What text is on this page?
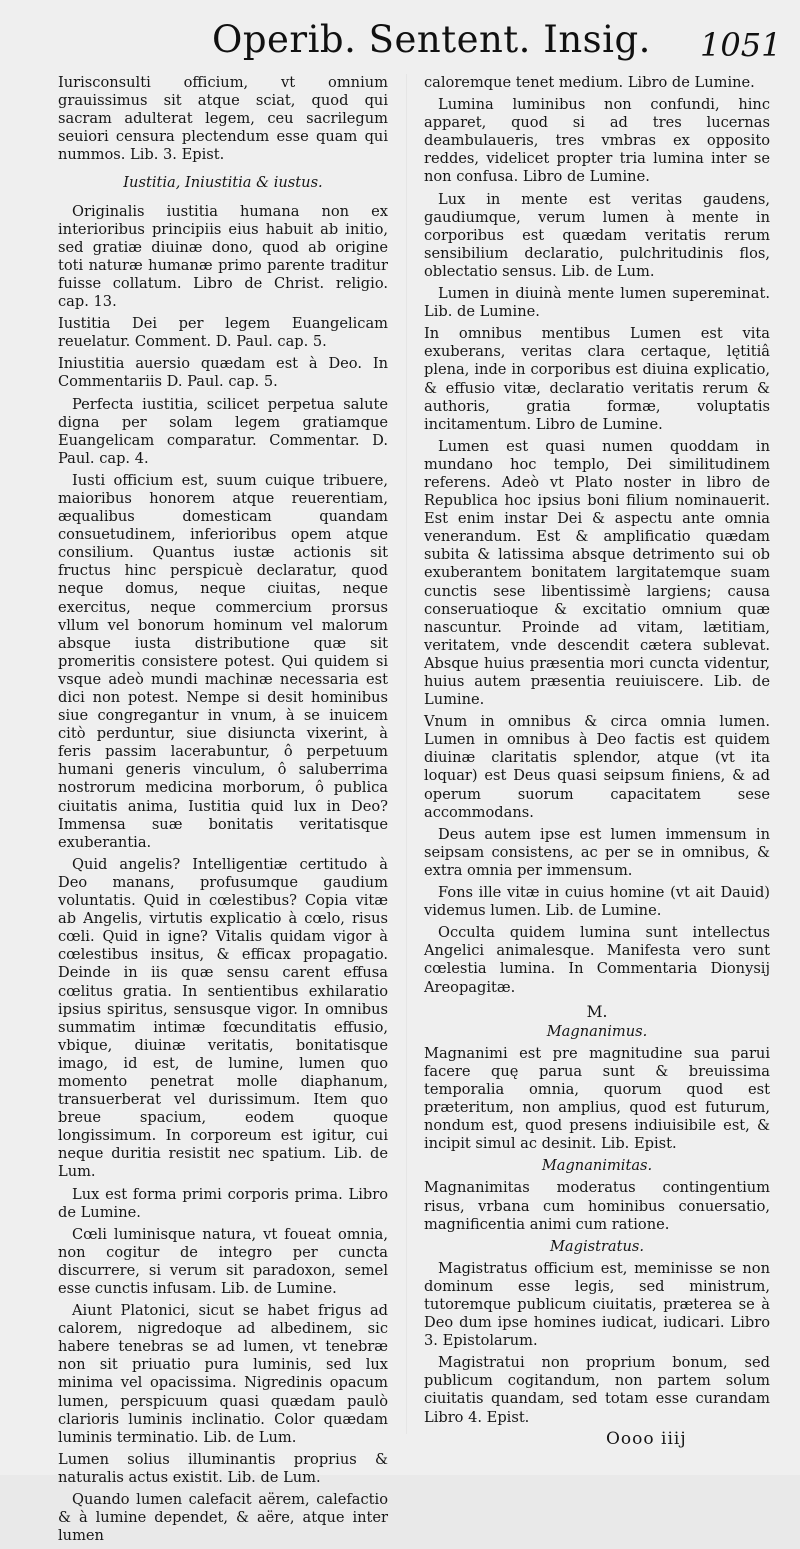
Operib. Sentent. Insig. 1051

Iurisconsulti officium, vt omnium grauissimus sit atque sciat, quod qui sacram adulterat legem, ceu sacrilegum seuiori censura plectendum esse quam qui nummos. Lib. 3. Epist.

Iustitia, Iniustitia & iustus.

Originalis iustitia humana non ex interioribus principiis eius habuit ab initio, sed gratiæ diuinæ dono, quod ab origine toti naturæ humanæ primo parente traditur fuisse collatum. Libro de Christ. religio. cap. 13.

Iustitia Dei per legem Euangelicam reuelatur. Comment. D. Paul. cap. 5.

Iniustitia auersio quædam est à Deo. In Commentariis D. Paul. cap. 5.

Perfecta iustitia, scilicet perpetua salute digna per solam legem gratiamque Euangelicam comparatur. Commentar. D. Paul. cap. 4.

Iusti officium est, suum cuique tribuere, maioribus honorem atque reuerentiam, æqualibus domesticam quandam consuetudinem, inferioribus opem atque consilium. Quantus iustæ actionis sit fructus hinc perspicuè declaratur, quod neque domus, neque ciuitas, neque exercitus, neque commercium prorsus vllum vel bonorum hominum vel malorum absque iusta distributione quæ sit promeritis consistere potest. Qui quidem si vsque adeò mundi machinæ necessaria est dici non potest. Nempe si desit hominibus siue congregantur in vnum, à se inuicem citò perduntur, siue disiuncta vixerint, à feris passim lacerabuntur, ô perpetuum humani generis vinculum, ô saluberrima nostrorum medicina morborum, ô publica ciuitatis anima, Iustitia quid lux in Deo? Immensa suæ bonitatis veritatisque exuberantia.

Quid angelis? Intelligentiæ certitudo à Deo manans, profusumque gaudium voluntatis. Quid in cœlestibus? Copia vitæ ab Angelis, virtutis explicatio à cœlo, risus cœli. Quid in igne? Vitalis quidam vigor à cœlestibus insitus, & efficax propagatio. Deinde in iis quæ sensu carent effusa cœlitus gratia. In sentientibus exhilaratio ipsius spiritus, sensusque vigor. In omnibus summatim intimæ fœcunditatis effusio, vbique, diuinæ veritatis, bonitatisque imago, id est, de lumine, lumen quo momento penetrat molle diaphanum, transuerberat vel durissimum. Item quo breue spacium, eodem quoque longissimum. In corporeum est igitur, cui neque duritia resistit nec spatium. Lib. de Lum.

Lux est forma primi corporis prima. Libro de Lumine.

Cœli luminisque natura, vt foueat omnia, non cogitur de integro per cuncta discurrere, si verum sit paradoxon, semel esse cunctis infusam. Lib. de Lumine.

Aiunt Platonici, sicut se habet frigus ad calorem, nigredoque ad albedinem, sic habere tenebras se ad lumen, vt tenebræ non sit priuatio pura luminis, sed lux minima vel opacissima. Nigredinis opacum lumen, perspicuum quasi quædam paulò clarioris luminis inclinatio. Color quædam luminis terminatio. Lib. de Lum.

Lumen solius illuminantis proprius & naturalis actus existit. Lib. de Lum.

Quando lumen calefacit aërem, calefactio & à lumine dependet, & aëre, atque inter lumen

caloremque tenet medium. Libro de Lumine.

Lumina luminibus non confundi, hinc apparet, quod si ad tres lucernas deambulaueris, tres vmbras ex opposito reddes, videlicet propter tria lumina inter se non confusa. Libro de Lumine.

Lux in mente est veritas gaudens, gaudiumque, verum lumen à mente in corporibus est quædam veritatis rerum sensibilium declaratio, pulchritudinis flos, oblectatio sensus. Lib. de Lum.

Lumen in diuinà mente lumen supereminat. Lib. de Lumine.

In omnibus mentibus Lumen est vita exuberans, veritas clara certaque, lętitiâ plena, inde in corporibus est diuina explicatio, & effusio vitæ, declaratio veritatis rerum & authoris, gratia formæ, voluptatis incitamentum. Libro de Lumine.

Lumen est quasi numen quoddam in mundano hoc templo, Dei similitudinem referens. Adeò vt Plato noster in libro de Republica hoc ipsius boni filium nominauerit. Est enim instar Dei & aspectu ante omnia venerandum. Est & amplificatio quædam subita & latissima absque detrimento sui ob exuberantem bonitatem largitatemque suam cunctis sese libentissimè largiens; causa conseruatioque & excitatio omnium quæ nascuntur. Proinde ad vitam, lætitiam, veritatem, vnde descendit cætera sublevat. Absque huius præsentia mori cuncta videntur, huius autem præsentia reuiuiscere. Lib. de Lumine.

Vnum in omnibus & circa omnia lumen. Lumen in omnibus à Deo factis est quidem diuinæ claritatis splendor, atque (vt ita loquar) est Deus quasi seipsum finiens, & ad operum suorum capacitatem sese accommodans.

Deus autem ipse est lumen immensum in seipsam consistens, ac per se in omnibus, & extra omnia per immensum.

Fons ille vitæ in cuius homine (vt ait Dauid) videmus lumen. Lib. de Lumine.

Occulta quidem lumina sunt intellectus Angelici animalesque. Manifesta vero sunt cœlestia lumina. In Commentaria Dionysij Areopagitæ.

M.
Magnanimus.

Magnanimi est pre magnitudine sua parui facere quę parua sunt & breuissima temporalia omnia, quorum quod est præteritum, non amplius, quod est futurum, nondum est, quod presens indiuisibile est, & incipit simul ac desinit. Lib. Epist.

Magnanimitas.

Magnanimitas moderatus contingentium risus, vrbana cum hominibus conuersatio, magnificentia animi cum ratione.

Magistratus.

Magistratus officium est, meminisse se non dominum esse legis, sed ministrum, tutoremque publicum ciuitatis, præterea se à Deo dum ipse homines iudicat, iudicari. Libro 3. Epistolarum.

Magistratui non proprium bonum, sed publicum cogitandum, non partem solum ciuitatis quandam, sed totam esse curandam Libro 4. Epist.

Oooo iiij
